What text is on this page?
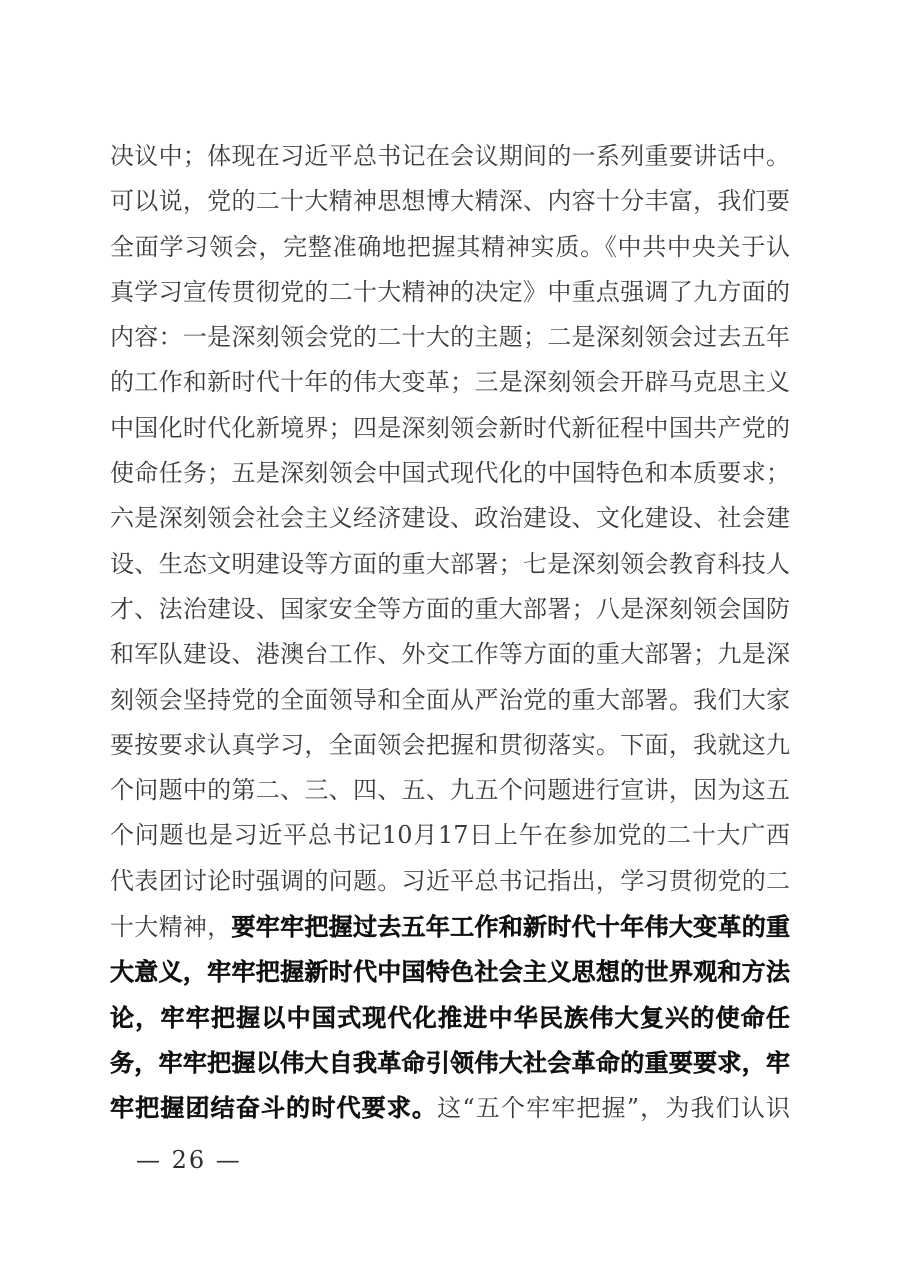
决议中；体现在习近平总书记在会议期间的一系列重要讲话中。
可以说，党的二十大精神思想博大精深、内容十分丰富，我们要
全面学习领会，完整准确地把握其精神实质。《中共中央关于认
真学习宣传贯彻党的二十大精神的决定》中重点强调了九方面的
内容：一是深刻领会党的二十大的主题；二是深刻领会过去五年
的工作和新时代十年的伟大变革；三是深刻领会开辟马克思主义
中国化时代化新境界；四是深刻领会新时代新征程中国共产党的
使命任务；五是深刻领会中国式现代化的中国特色和本质要求；
六是深刻领会社会主义经济建设、政治建设、文化建设、社会建
设、生态文明建设等方面的重大部署；七是深刻领会教育科技人
才、法治建设、国家安全等方面的重大部署；八是深刻领会国防
和军队建设、港澳台工作、外交工作等方面的重大部署；九是深
刻领会坚持党的全面领导和全面从严治党的重大部署。我们大家
要按要求认真学习，全面领会把握和贯彻落实。下面，我就这九
个问题中的第二、三、四、五、九五个问题进行宣讲，因为这五
个问题也是习近平总书记10月17日上午在参加党的二十大广西
代表团讨论时强调的问题。习近平总书记指出，学习贯彻党的二
十大精神，要牢牢把握过去五年工作和新时代十年伟大变革的重
大意义，牢牢把握新时代中国特色社会主义思想的世界观和方法
论，牢牢把握以中国式现代化推进中华民族伟大复兴的使命任
务，牢牢把握以伟大自我革命引领伟大社会革命的重要要求，牢
牢把握团结奋斗的时代要求。这“五个牢牢把握”，为我们认识
— 26 —
